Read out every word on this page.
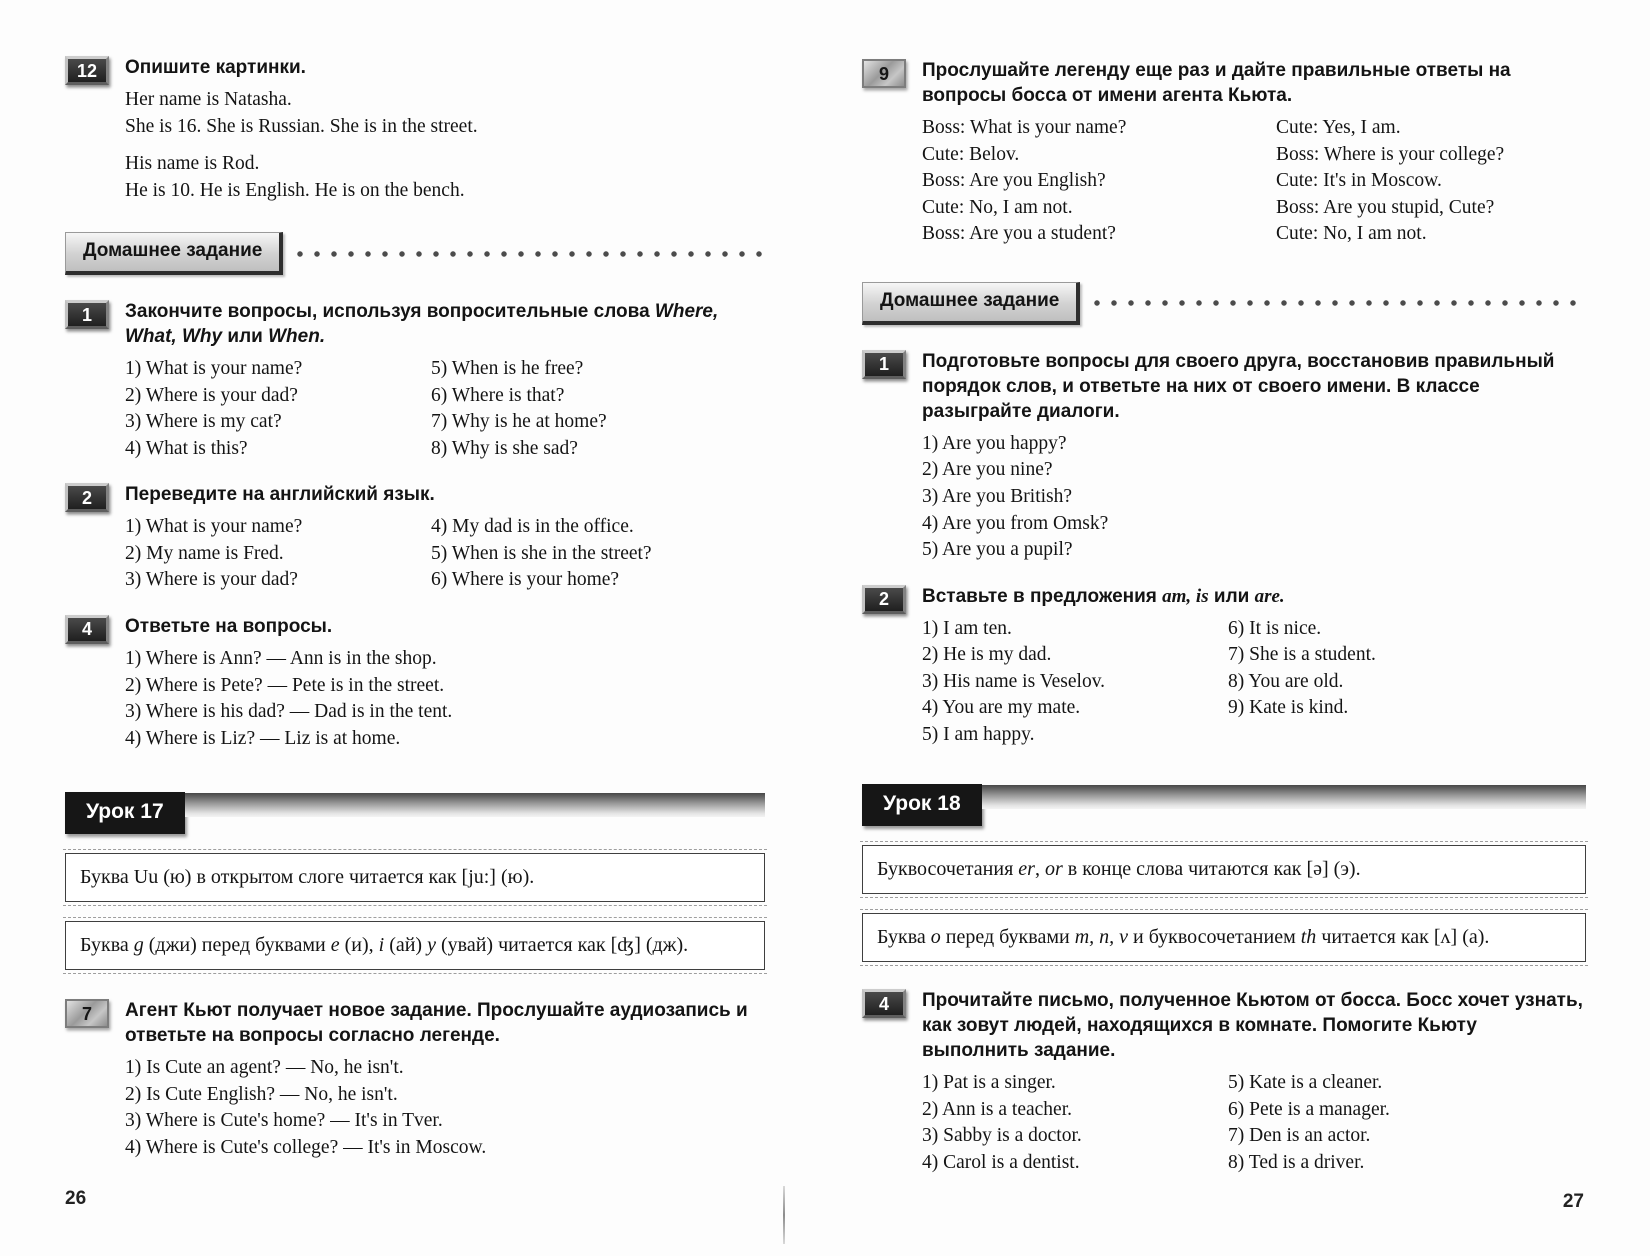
12	Опишите картинки.

Her name is Natasha.

She is 16. She is Russian. She is in the street.

His name is Rod.

He is 10. He is English. He is on the bench.

Домашнее задание
1	Закончите вопросы, используя вопросительные слова Where, What, Why или When.

1) What is your name?

2) Where is your dad?

3) Where is my cat?

4) What is this?

5) When is he free?

6) Where is that?

7) Why is he at home?

8) Why is she sad?

2	Переведите на английский язык.

1) What is your name?

2) My name is Fred.

3) Where is your dad?

4) My dad is in the office.

5) When is she in the street?

6) Where is your home?

4	Ответьте на вопросы.

1) Where is Ann? — Ann is in the shop.

2) Where is Pete? — Pete is in the street.

3) Where is his dad? — Dad is in the tent.

4) Where is Liz? — Liz is at home.

Урок 17
Буква Uu (ю) в открытом слоге читается как [ju:] (ю).
Буква g (джи) перед буквами e (и), i (ай) y (увай) читается как [ʤ] (дж).
7	Агент Кьют получает новое задание. Прослушайте аудиозапись и ответьте на вопросы согласно легенде.

1) Is Cute an agent? — No, he isn't.

2) Is Cute English? — No, he isn't.

3) Where is Cute's home? — It's in Tver.

4) Where is Cute's college? — It's in Moscow.

26
9	Прослушайте легенду еще раз и дайте правильные ответы на вопросы босса от имени агента Кьюта.

Boss: What is your name?

Cute: Belov.

Boss: Are you English?

Cute: No, I am not.

Boss: Are you a student?

Cute: Yes, I am.

Boss: Where is your college?

Cute: It's in Moscow.

Boss: Are you stupid, Cute?

Cute: No, I am not.

Домашнее задание
1	Подготовьте вопросы для своего друга, восстановив правильный порядок слов, и ответьте на них от своего имени. В классе разыграйте диалоги.

1) Are you happy?

2) Are you nine?

3) Are you British?

4) Are you from Omsk?

5) Are you a pupil?

2	Вставьте в предложения am, is или are.

1) I am ten.

2) He is my dad.

3) His name is Veselov.

4) You are my mate.

5) I am happy.

6) It is nice.

7) She is a student.

8) You are old.

9) Kate is kind.

Урок 18
Буквосочетания er, or в конце слова читаются как [ə] (э).
Буква o перед буквами m, n, v и буквосочетанием th читается как [ʌ] (а).
4	Прочитайте письмо, полученное Кьютом от босса. Босс хочет узнать, как зовут людей, находящихся в комнате. Помогите Кьюту выполнить задание.

1) Pat is a singer.

2) Ann is a teacher.

3) Sabby is a doctor.

4) Carol is a dentist.

5) Kate is a cleaner.

6) Pete is a manager.

7) Den is an actor.

8) Ted is a driver.

27
